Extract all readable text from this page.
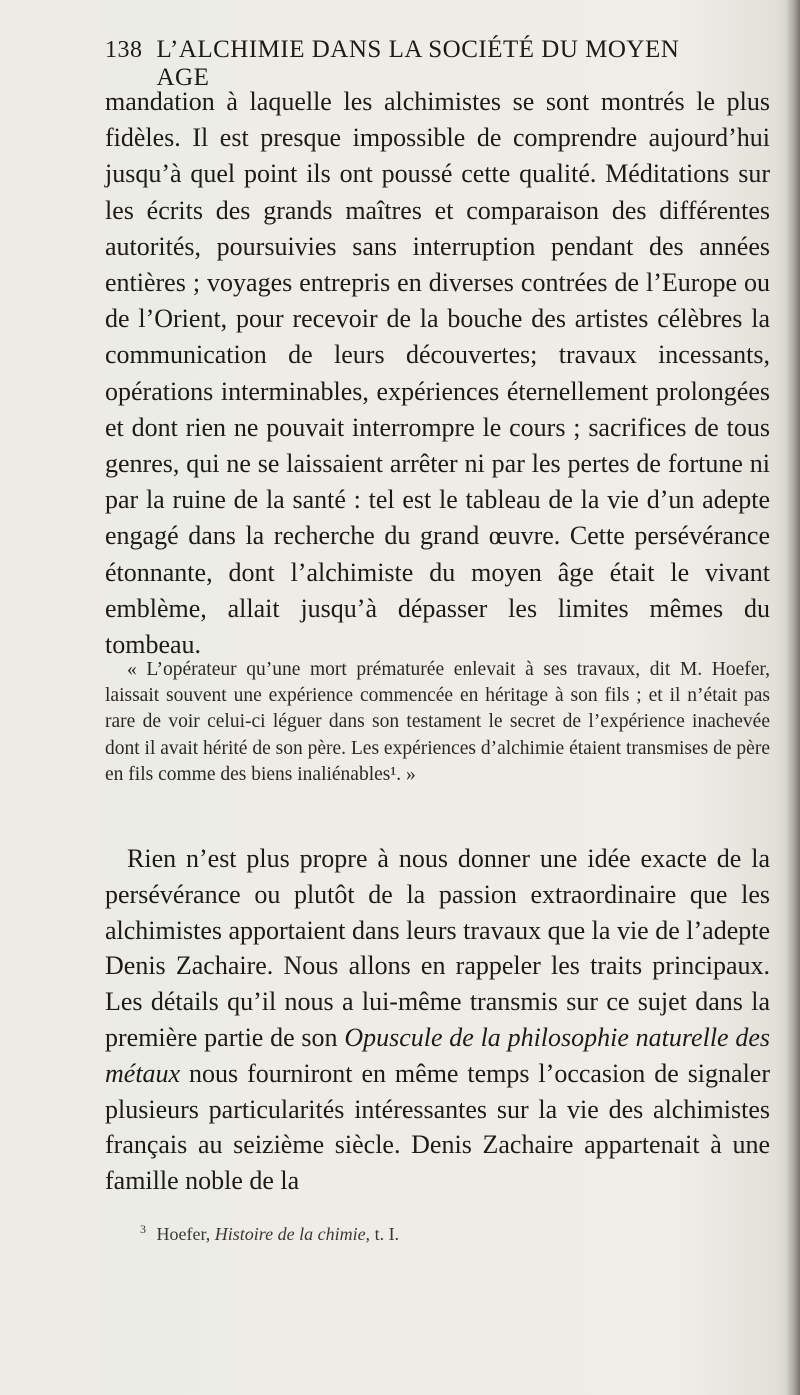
138 L’ALCHIMIE DANS LA SOCIÉTÉ DU MOYEN AGE

mandation à laquelle les alchimistes se sont montrés le plus fidèles. Il est presque impossible de comprendre aujourd’hui jusqu’à quel point ils ont poussé cette qualité. Méditations sur les écrits des grands maîtres et comparaison des différentes autorités, poursuivies sans interruption pendant des années entières ; voyages entrepris en diverses contrées de l’Europe ou de l’Orient, pour recevoir de la bouche des artistes célèbres la communication de leurs découvertes; travaux incessants, opérations interminables, expériences éternellement prolongées et dont rien ne pouvait interrompre le cours ; sacrifices de tous genres, qui ne se laissaient arrêter ni par les pertes de fortune ni par la ruine de la santé : tel est le tableau de la vie d’un adepte engagé dans la recherche du grand œuvre. Cette persévérance étonnante, dont l’alchimiste du moyen âge était le vivant emblème, allait jusqu’à dépasser les limites mêmes du tombeau.

« L’opérateur qu’une mort prématurée enlevait à ses travaux, dit M. Hoefer, laissait souvent une expérience commencée en héritage à son fils ; et il n’était pas rare de voir celui-ci léguer dans son testament le secret de l’expérience inachevée dont il avait hérité de son père. Les expériences d’alchimie étaient transmises de père en fils comme des biens inaliénables¹. »

Rien n’est plus propre à nous donner une idée exacte de la persévérance ou plutôt de la passion extraordinaire que les alchimistes apportaient dans leurs travaux que la vie de l’adepte Denis Zachaire. Nous allons en rappeler les traits principaux. Les détails qu’il nous a lui-même transmis sur ce sujet dans la première partie de son Opuscule de la philosophie naturelle des métaux nous fourniront en même temps l’occasion de signaler plusieurs particularités intéressantes sur la vie des alchimistes français au seizième siècle. Denis Zachaire appartenait à une famille noble de la

$^3$ Hoefer, Histoire de la chimie, t. I.
